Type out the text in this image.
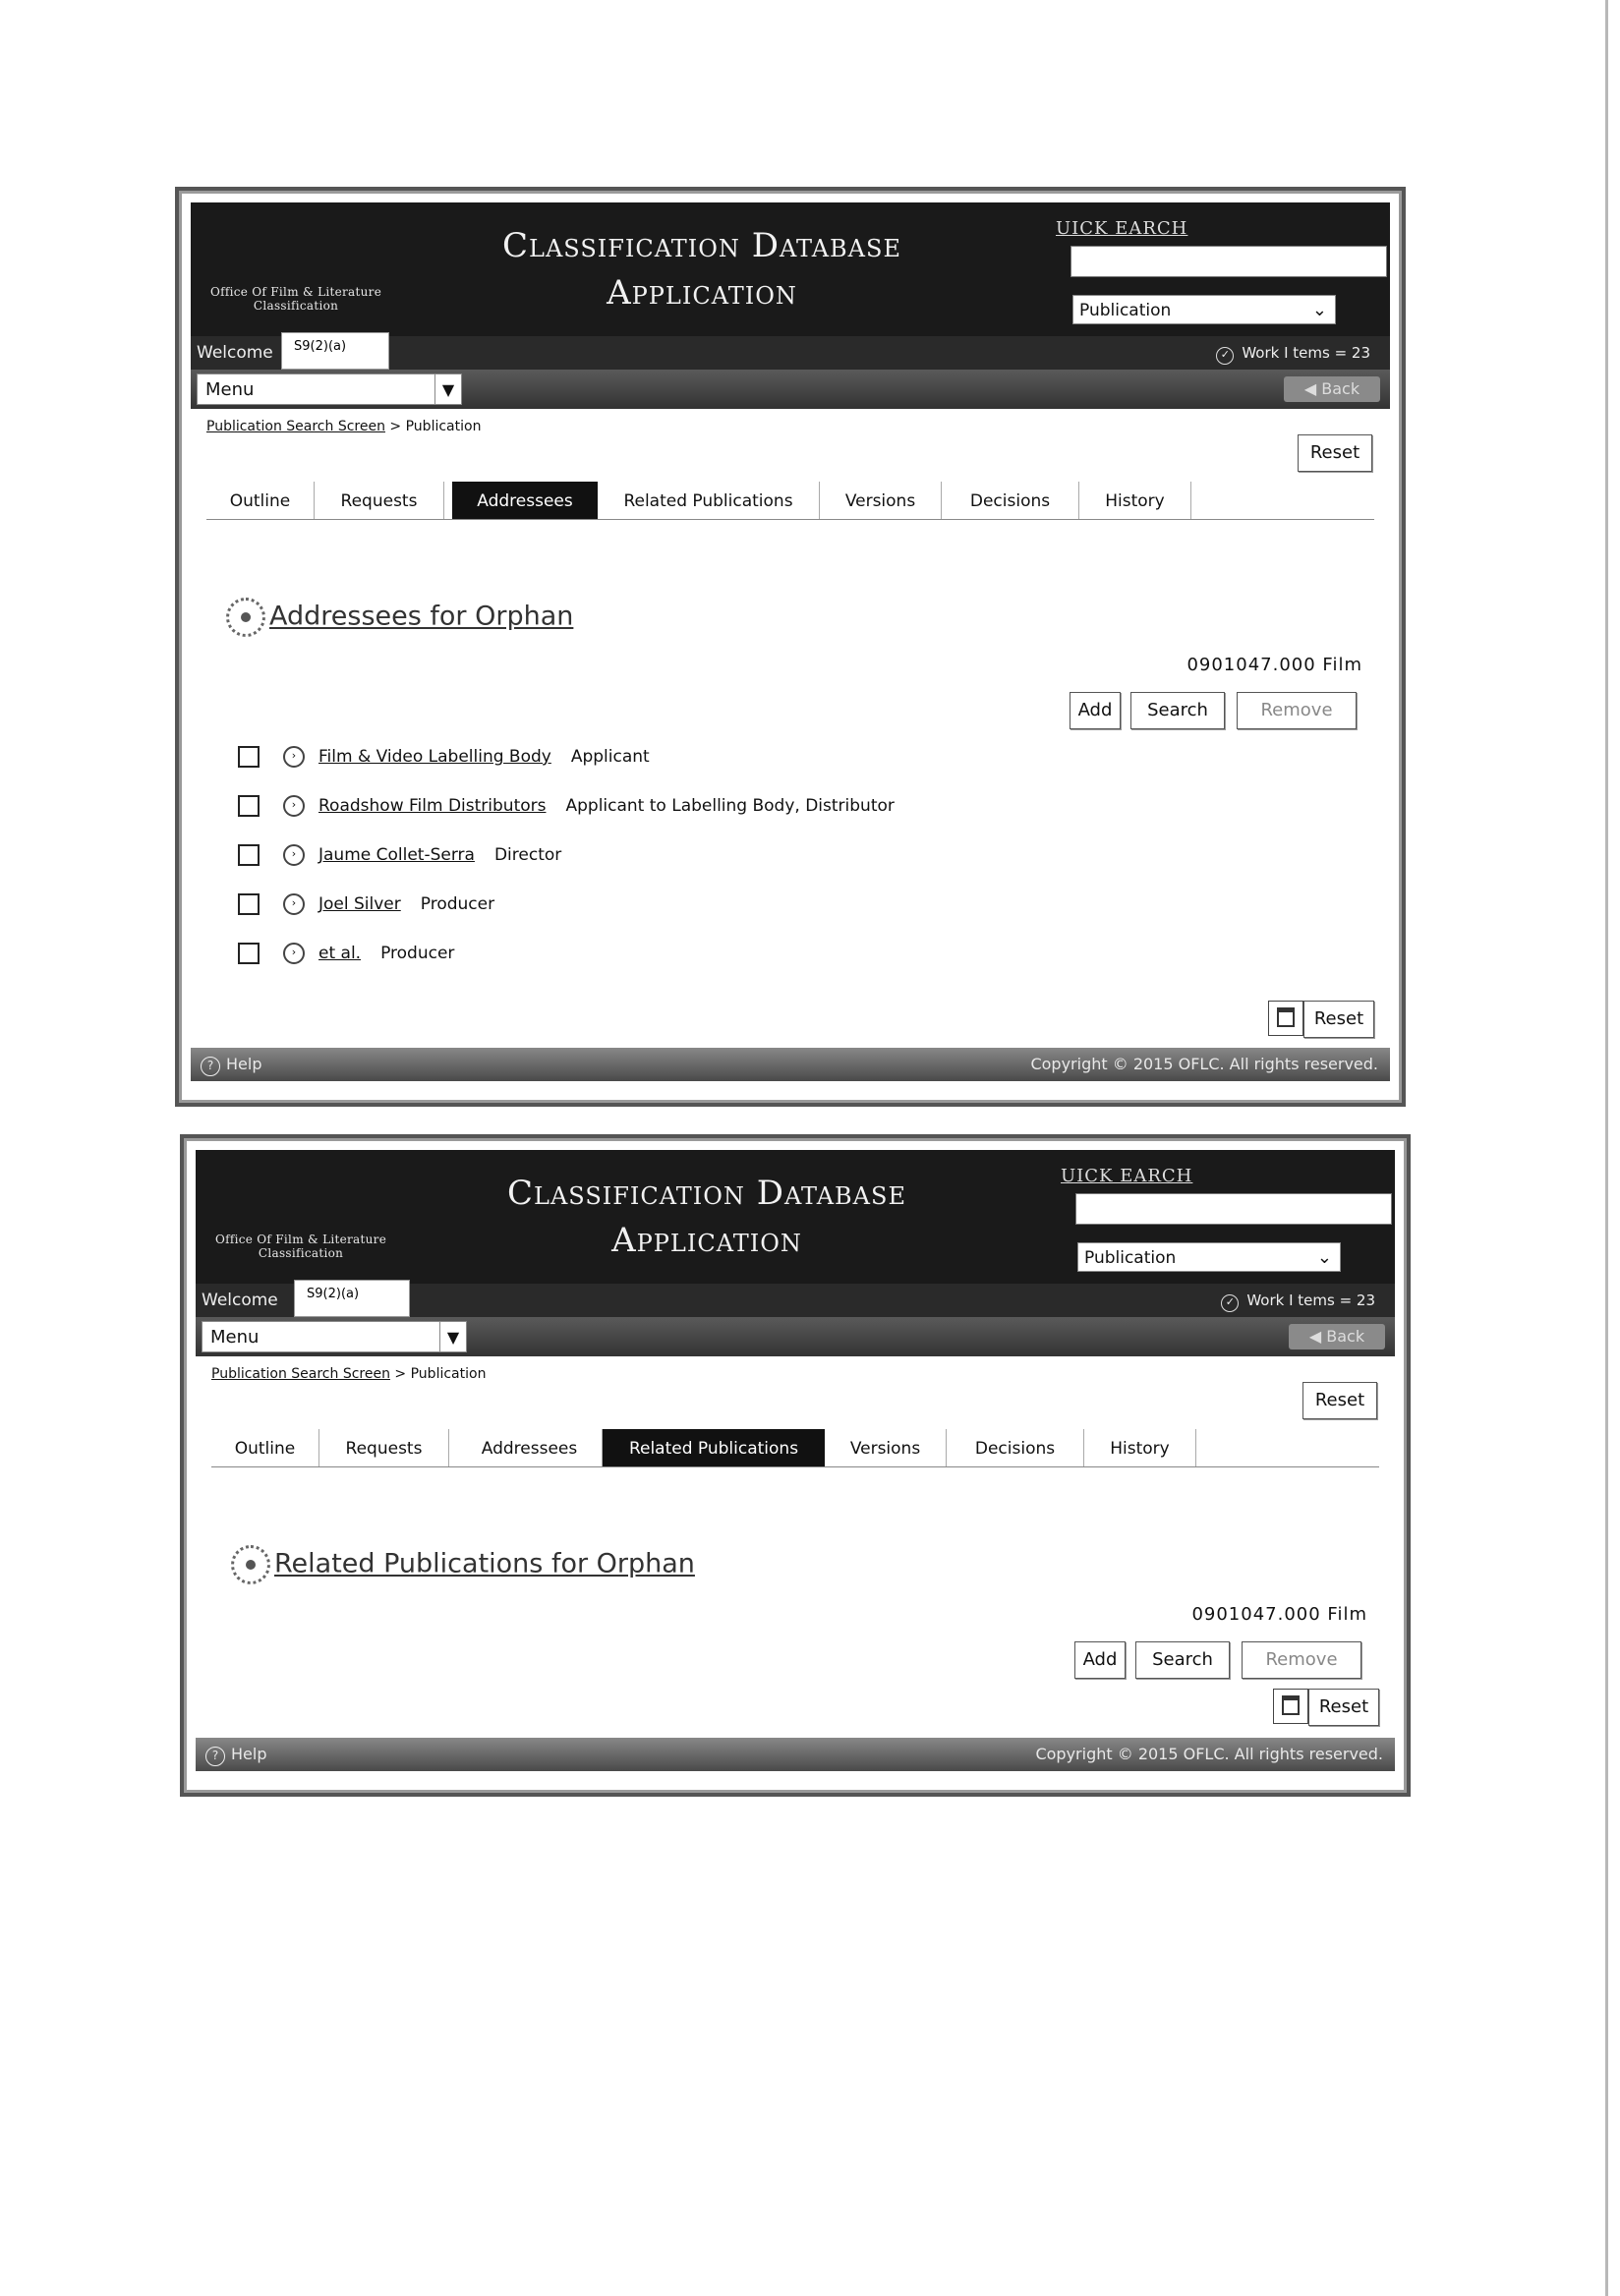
Office Of Film & Literature
Classification
Classification Database
Application
UICK EARCH
Publication	⌄
Welcome	S9(2)(a)
✓ Work I tems = 23
Menu	▼	◀ Back
Publication Search Screen > Publication
Reset
Outline	Requests	Addressees	Related Publications	Versions	Decisions	History
Addressees for Orphan
0901047.000 Film
Add	Search	Remove
› Film & Video Labelling Body Applicant
› Roadshow Film Distributors Applicant to Labelling Body, Distributor
› Jaume Collet-Serra Director
› Joel Silver Producer
› et al. Producer
Reset
? Help	Copyright © 2015 OFLC. All rights reserved.
Office Of Film & Literature
Classification
Classification Database
Application
UICK EARCH
Publication	⌄
Welcome	S9(2)(a)
✓ Work I tems = 23
Menu	▼	◀ Back
Publication Search Screen > Publication
Reset
Outline	Requests	Addressees	Related Publications	Versions	Decisions	History
Related Publications for Orphan
0901047.000 Film
Add	Search	Remove
Reset
? Help	Copyright © 2015 OFLC. All rights reserved.
